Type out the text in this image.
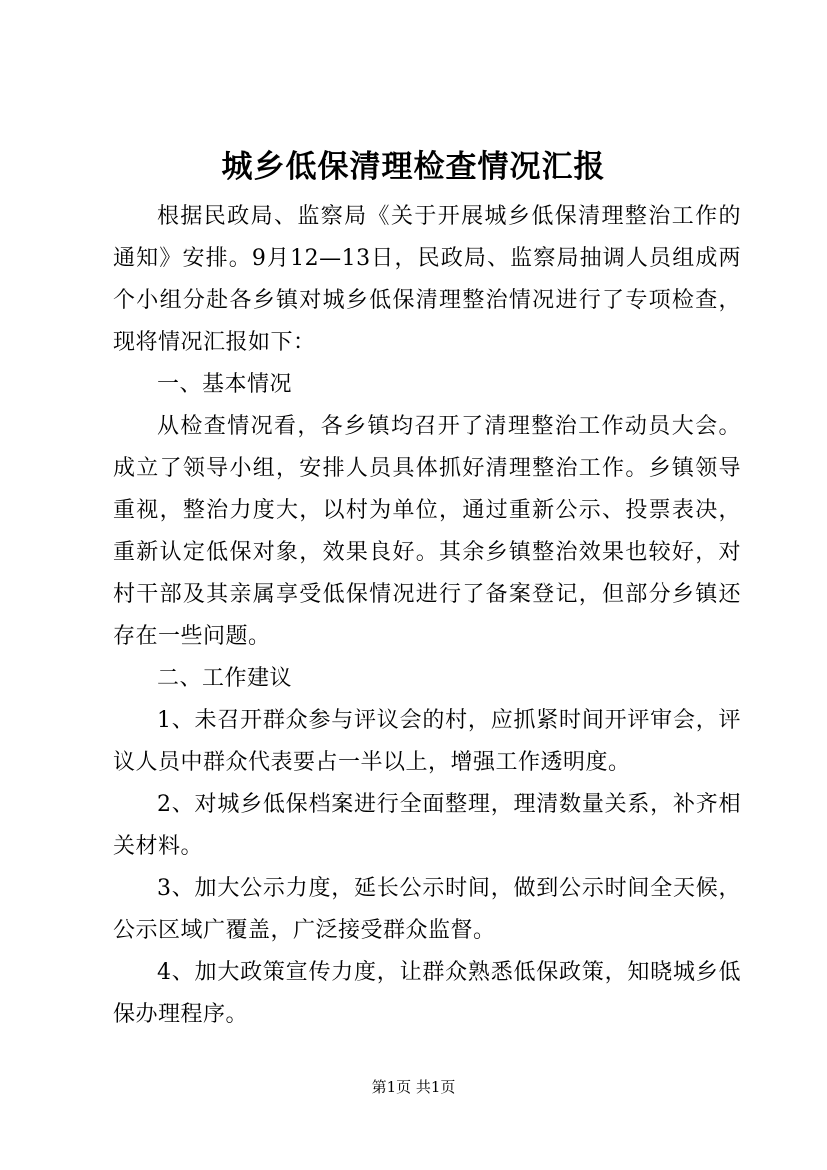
城乡低保清理检查情况汇报

根据民政局、监察局《关于开展城乡低保清理整治工作的通知》安排。9月12—13日，民政局、监察局抽调人员组成两个小组分赴各乡镇对城乡低保清理整治情况进行了专项检查，现将情况汇报如下：

一、基本情况

从检查情况看，各乡镇均召开了清理整治工作动员大会。成立了领导小组，安排人员具体抓好清理整治工作。乡镇领导重视，整治力度大，以村为单位，通过重新公示、投票表决，重新认定低保对象，效果良好。其余乡镇整治效果也较好，对村干部及其亲属享受低保情况进行了备案登记，但部分乡镇还存在一些问题。

二、工作建议

1、未召开群众参与评议会的村，应抓紧时间开评审会，评议人员中群众代表要占一半以上，增强工作透明度。

2、对城乡低保档案进行全面整理，理清数量关系，补齐相关材料。

3、加大公示力度，延长公示时间，做到公示时间全天候，公示区域广覆盖，广泛接受群众监督。

4、加大政策宣传力度，让群众熟悉低保政策，知晓城乡低保办理程序。

第1页 共1页
